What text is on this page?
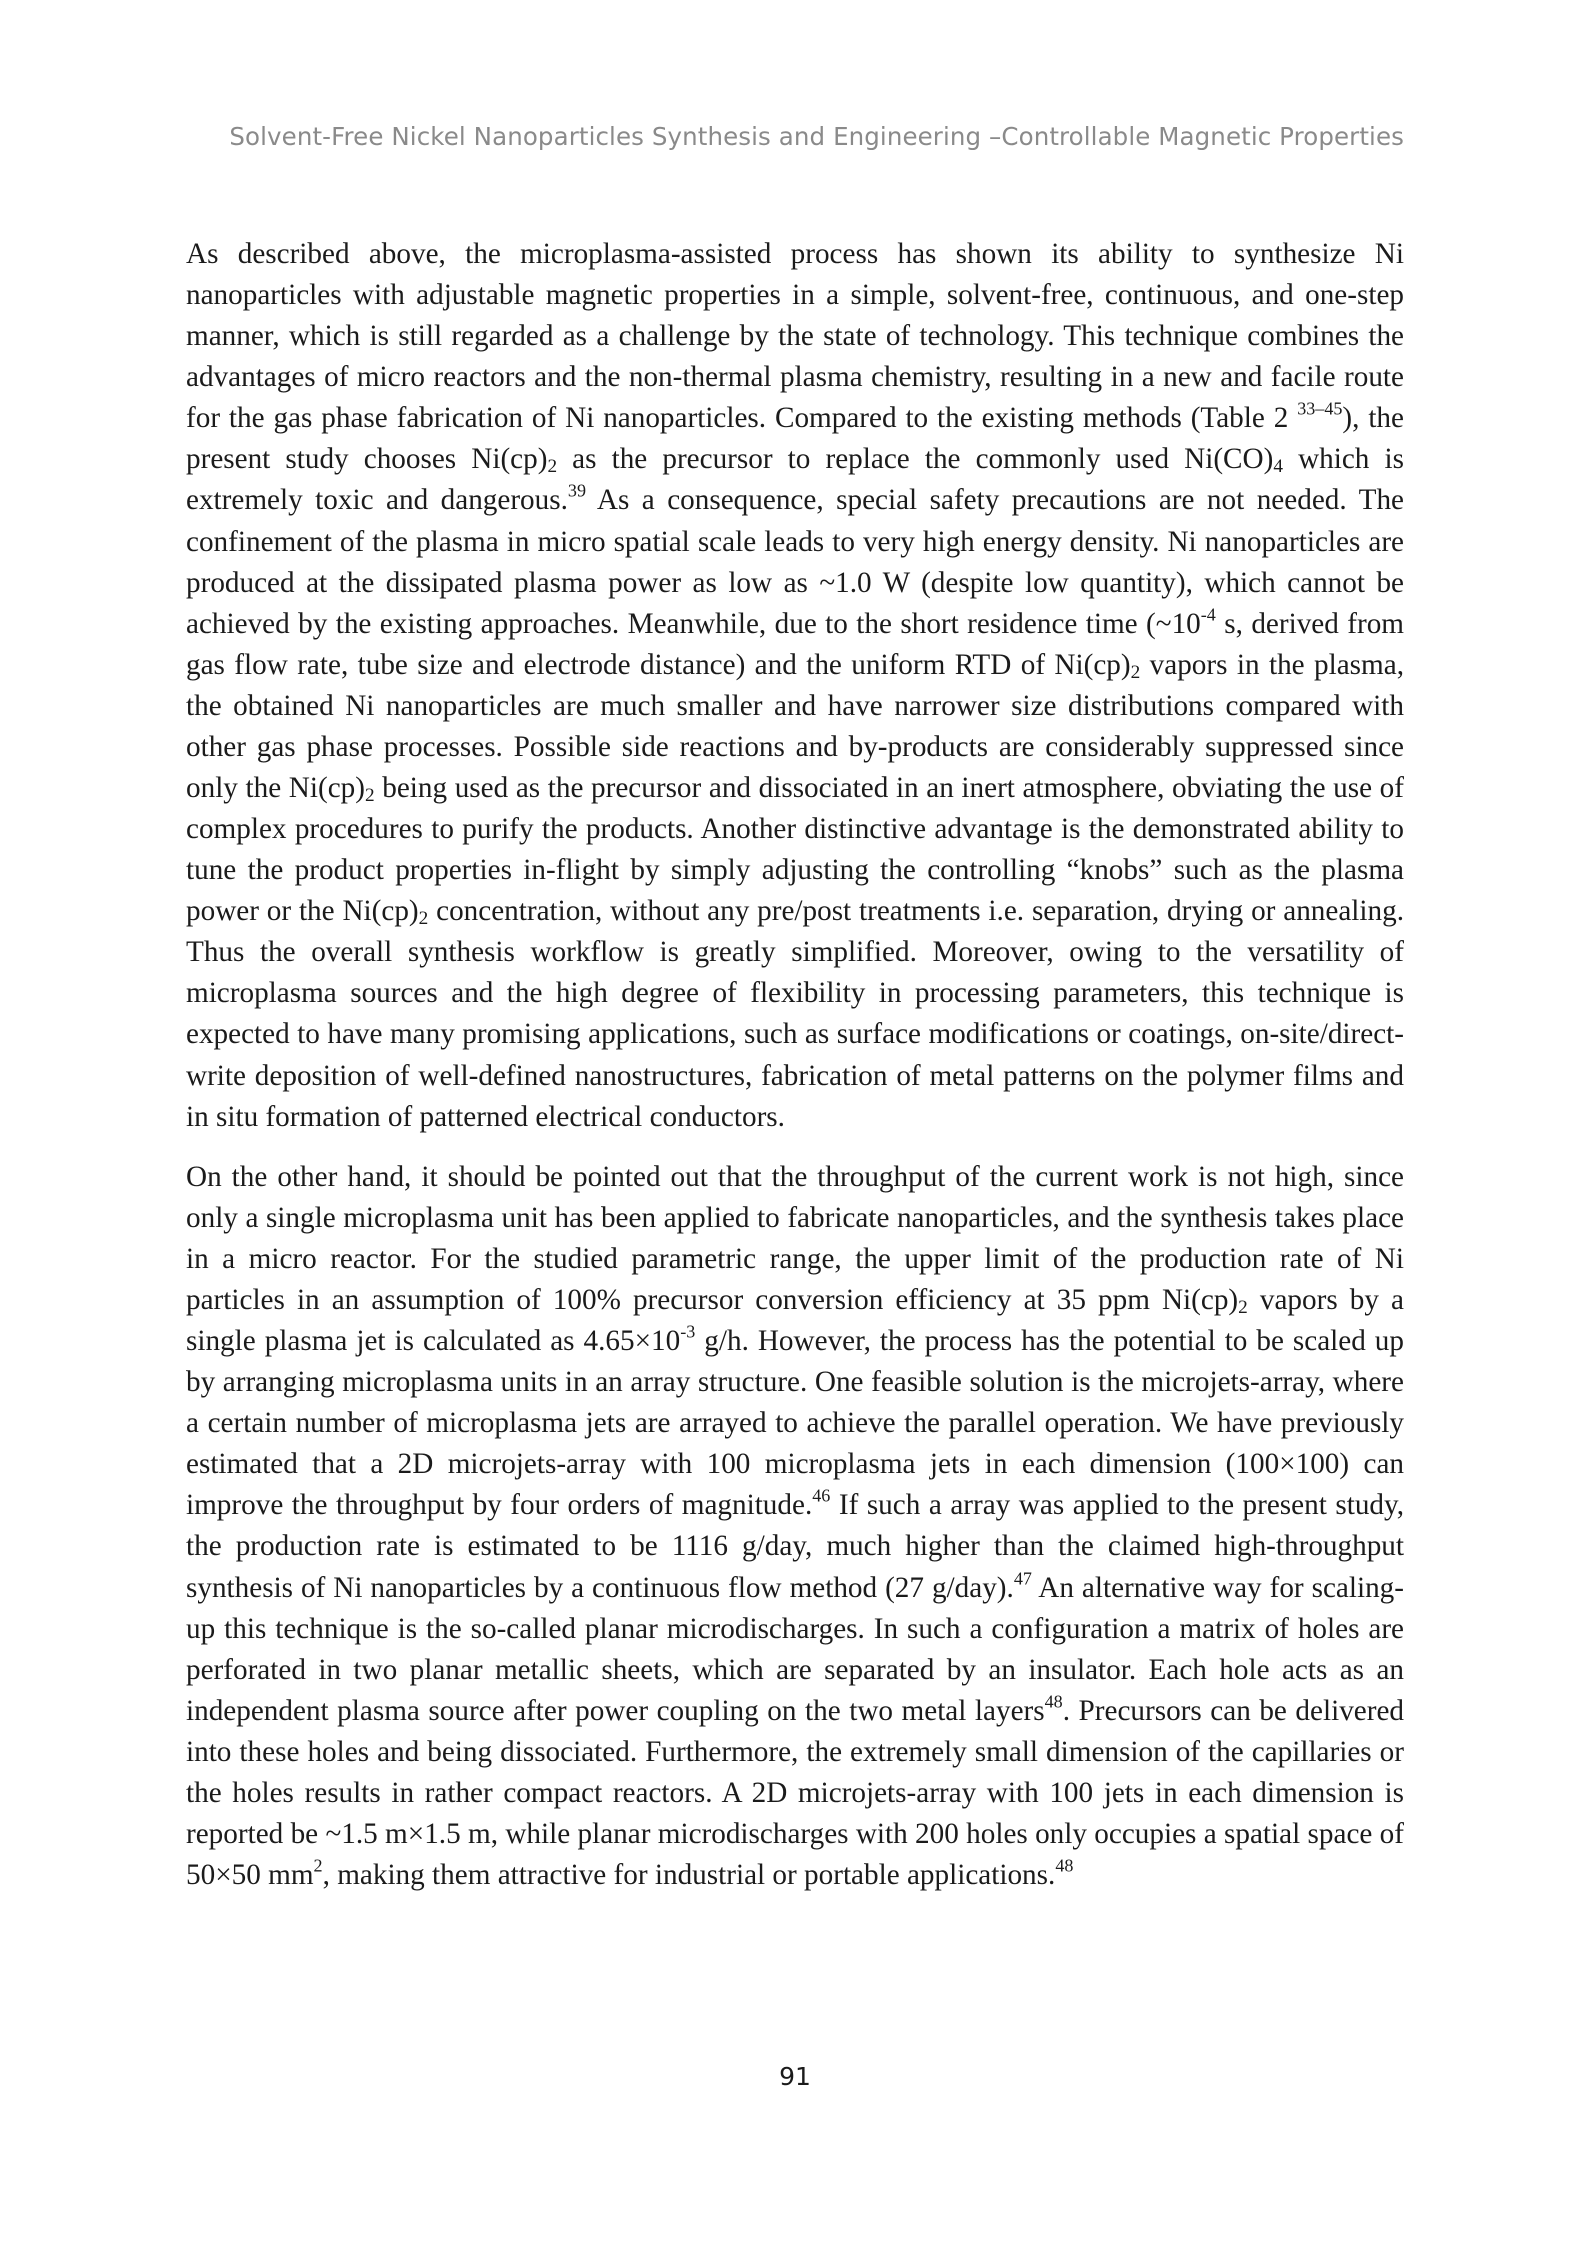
Solvent-Free Nickel Nanoparticles Synthesis and Engineering –Controllable Magnetic Properties

As described above, the microplasma-assisted process has shown its ability to synthesize Ni nanoparticles with adjustable magnetic properties in a simple, solvent-free, continuous, and one-step manner, which is still regarded as a challenge by the state of technology. This technique combines the advantages of micro reactors and the non-thermal plasma chemistry, resulting in a new and facile route for the gas phase fabrication of Ni nanoparticles. Compared to the existing methods (Table 2 $^{33-45}$), the present study chooses $Ni(cp)_2$ as the precursor to replace the commonly used $Ni(CO)_4$ which is extremely toxic and dangerous.$^{39}$ As a consequence, special safety precautions are not needed. The confinement of the plasma in micro spatial scale leads to very high energy density. Ni nanoparticles are produced at the dissipated plasma power as low as ~1.0 W (despite low quantity), which cannot be achieved by the existing approaches. Meanwhile, due to the short residence time ($\sim 10^{-4}$ s, derived from gas flow rate, tube size and electrode distance) and the uniform RTD of $Ni(cp)_2$ vapors in the plasma, the obtained Ni nanoparticles are much smaller and have narrower size distributions compared with other gas phase processes. Possible side reactions and by-products are considerably suppressed since only the $Ni(cp)_2$ being used as the precursor and dissociated in an inert atmosphere, obviating the use of complex procedures to purify the products. Another distinctive advantage is the demonstrated ability to tune the product properties in-flight by simply adjusting the controlling “knobs” such as the plasma power or the $Ni(cp)_2$ concentration, without any pre/post treatments i.e. separation, drying or annealing. Thus the overall synthesis workflow is greatly simplified. Moreover, owing to the versatility of microplasma sources and the high degree of flexibility in processing parameters, this technique is expected to have many promising applications, such as surface modifications or coatings, on-site/direct-write deposition of well-defined nanostructures, fabrication of metal patterns on the polymer films and in situ formation of patterned electrical conductors.

On the other hand, it should be pointed out that the throughput of the current work is not high, since only a single microplasma unit has been applied to fabricate nanoparticles, and the synthesis takes place in a micro reactor. For the studied parametric range, the upper limit of the production rate of Ni particles in an assumption of 100% precursor conversion efficiency at 35 ppm $Ni(cp)_2$ vapors by a single plasma jet is calculated as $4.65\times 10^{-3}$ g/h. However, the process has the potential to be scaled up by arranging microplasma units in an array structure. One feasible solution is the microjets-array, where a certain number of microplasma jets are arrayed to achieve the parallel operation. We have previously estimated that a 2D microjets-array with 100 microplasma jets in each dimension (100×100) can improve the throughput by four orders of magnitude.$^{46}$ If such a array was applied to the present study, the production rate is estimated to be 1116 g/day, much higher than the claimed high-throughput synthesis of Ni nanoparticles by a continuous flow method (27 g/day).$^{47}$ An alternative way for scaling-up this technique is the so-called planar microdischarges. In such a configuration a matrix of holes are perforated in two planar metallic sheets, which are separated by an insulator. Each hole acts as an independent plasma source after power coupling on the two metal layers$^{48}$. Precursors can be delivered into these holes and being dissociated. Furthermore, the extremely small dimension of the capillaries or the holes results in rather compact reactors. A 2D microjets-array with 100 jets in each dimension is reported be ~1.5 m×1.5 m, while planar microdischarges with 200 holes only occupies a spatial space of 50×50 $mm^2$, making them attractive for industrial or portable applications.$^{48}$

91
